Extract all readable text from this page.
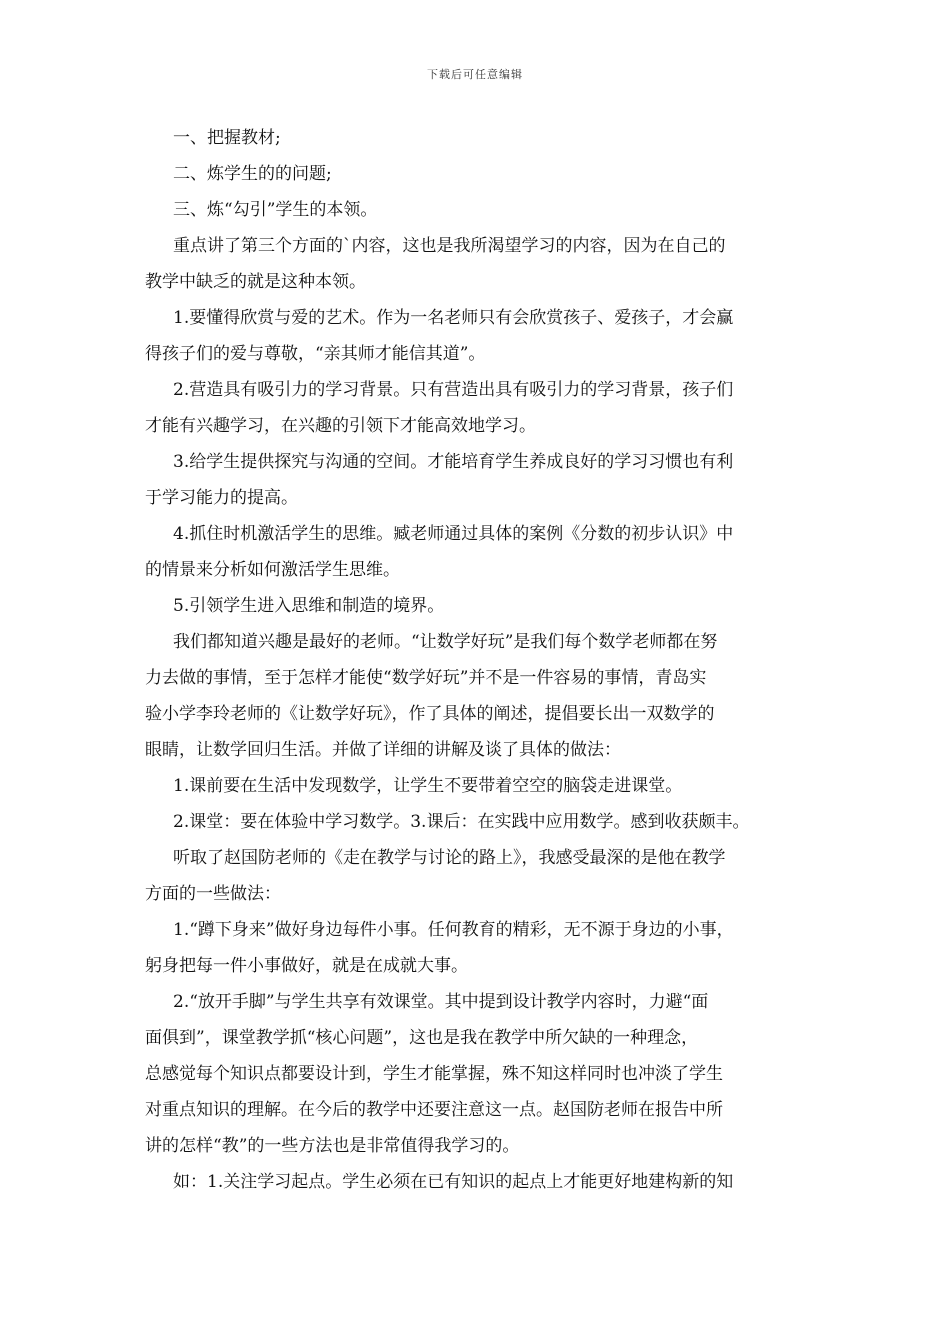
下载后可任意编辑
一、把握教材;
二、炼学生的的问题;
三、炼“勾引”学生的本领。
重点讲了第三个方面的`内容，这也是我所渴望学习的内容，因为在自己的
教学中缺乏的就是这种本领。
1.要懂得欣赏与爱的艺术。作为一名老师只有会欣赏孩子、爱孩子，才会赢
得孩子们的爱与尊敬，“亲其师才能信其道”。
2.营造具有吸引力的学习背景。只有营造出具有吸引力的学习背景，孩子们
才能有兴趣学习，在兴趣的引领下才能高效地学习。
3.给学生提供探究与沟通的空间。才能培育学生养成良好的学习习惯也有利
于学习能力的提高。
4.抓住时机激活学生的思维。臧老师通过具体的案例《分数的初步认识》中
的情景来分析如何激活学生思维。
5.引领学生进入思维和制造的境界。
我们都知道兴趣是最好的老师。“让数学好玩”是我们每个数学老师都在努
力去做的事情，至于怎样才能使“数学好玩”并不是一件容易的事情，青岛实
验小学李玲老师的《让数学好玩》，作了具体的阐述，提倡要长出一双数学的
眼睛，让数学回归生活。并做了详细的讲解及谈了具体的做法：
1.课前要在生活中发现数学，让学生不要带着空空的脑袋走进课堂。
2.课堂：要在体验中学习数学。3.课后：在实践中应用数学。感到收获颇丰。
听取了赵国防老师的《走在教学与讨论的路上》，我感受最深的是他在教学
方面的一些做法：
1.“蹲下身来”做好身边每件小事。任何教育的精彩，无不源于身边的小事，
躬身把每一件小事做好，就是在成就大事。
2.“放开手脚”与学生共享有效课堂。其中提到设计教学内容时，力避“面
面俱到”，课堂教学抓“核心问题”，这也是我在教学中所欠缺的一种理念，
总感觉每个知识点都要设计到，学生才能掌握，殊不知这样同时也冲淡了学生
对重点知识的理解。在今后的教学中还要注意这一点。赵国防老师在报告中所
讲的怎样“教”的一些方法也是非常值得我学习的。
如：1.关注学习起点。学生必须在已有知识的起点上才能更好地建构新的知
